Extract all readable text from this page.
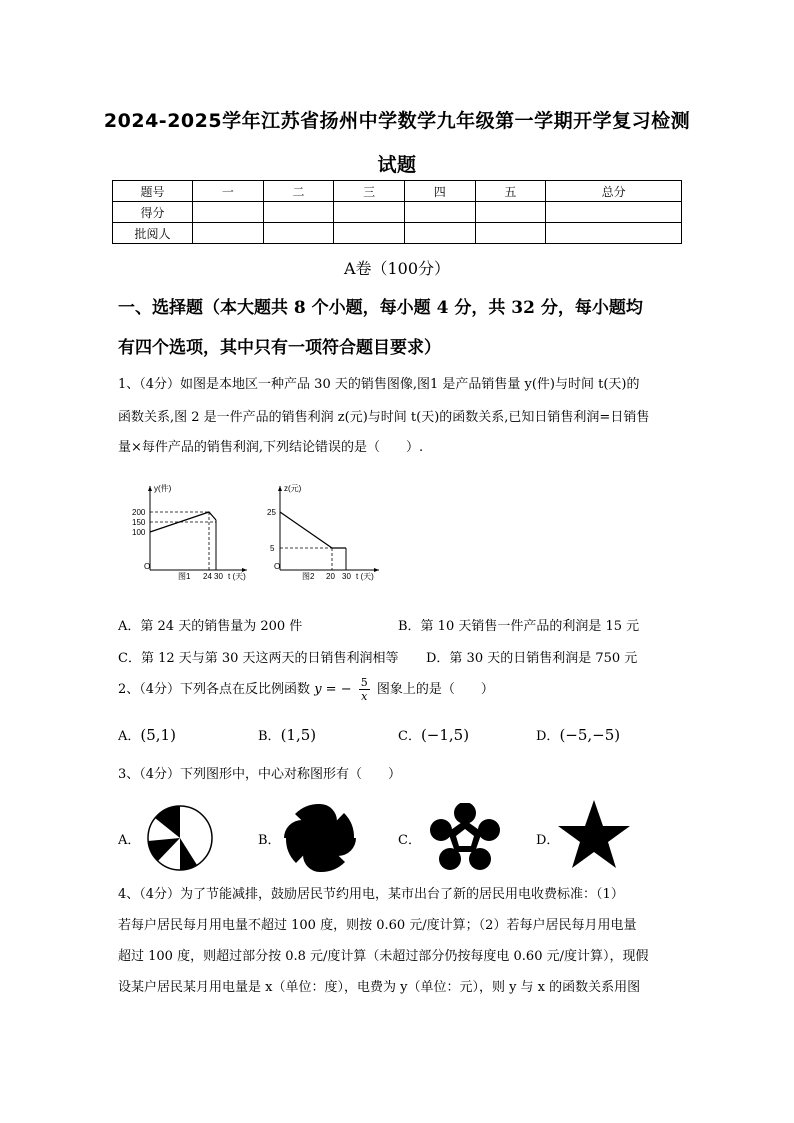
2024-2025学年江苏省扬州中学数学九年级第一学期开学复习检测
试题
题号	一	二	三	四	五	总分
得分						
批阅人						
A卷（100分）
一、选择题（本大题共 8 个小题，每小题 4 分，共 32 分，每小题均
有四个选项，其中只有一项符合题目要求）
1、（4分）如图是本地区一种产品 30 天的销售图像,图1 是产品销售量 y(件)与时间 t(天)的
函数关系,图 2 是一件产品的销售利润 z(元)与时间 t(天)的函数关系,已知日销售利润=日销售
量×每件产品的销售利润,下列结论错误的是（　　）.
y(件)
200
150
100
O
24 30 t (天)
图1
z(元)
25
5
O
20 30 t (天)
图2
A．第 24 天的销售量为 200 件	B．第 10 天销售一件产品的利润是 15 元
C．第 12 天与第 30 天这两天的日销售利润相等 D．第 30 天的日销售利润是 750 元
2、（4分）下列各点在反比例函数 y = − $\frac{5}{x}$ 图象上的是（　　）
A．(5,1)	B．(1,5)	C．(−1,5)	D．(−5,−5)
3、（4分）下列图形中，中心对称图形有（　　）
A．	B．	C．	D．
4、（4分）为了节能减排，鼓励居民节约用电，某市出台了新的居民用电收费标准：（1）
若每户居民每月用电量不超过 100 度，则按 0.60 元/度计算；（2）若每户居民每月用电量
超过 100 度，则超过部分按 0.8 元/度计算（未超过部分仍按每度电 0.60 元/度计算），现假
设某户居民某月用电量是 x（单位：度），电费为 y（单位：元），则 y 与 x 的函数关系用图
